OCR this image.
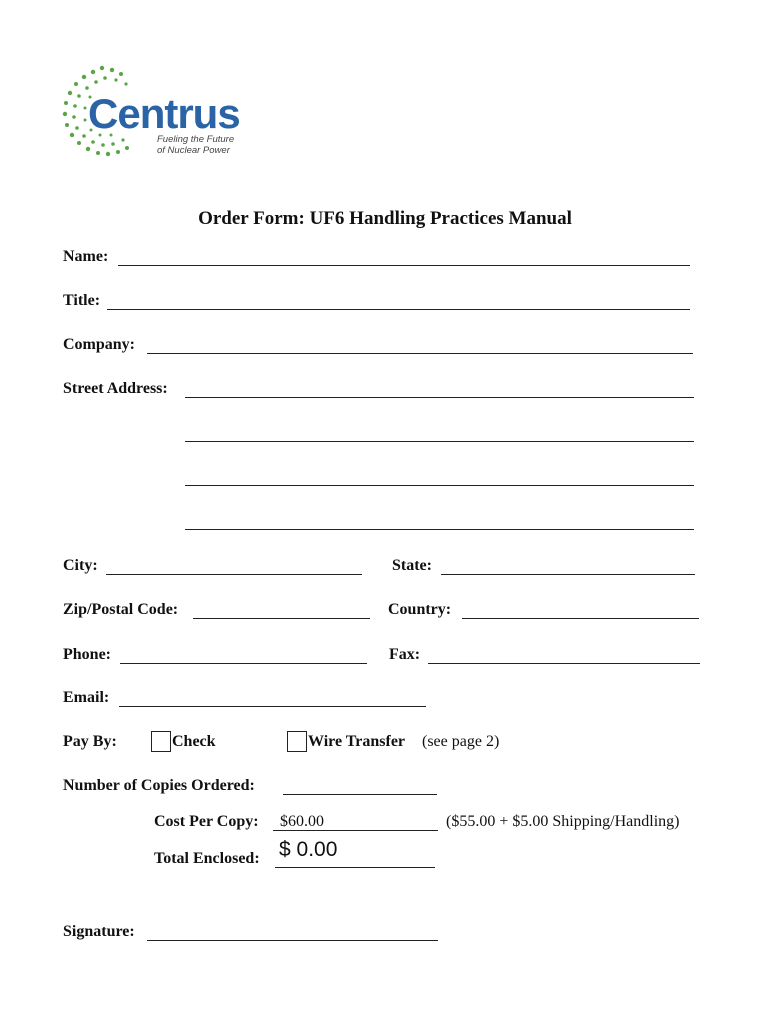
Centrus
Fueling the Future
of Nuclear Power
Order Form: UF6 Handling Practices Manual
Name:
Title:
Company:
Street Address:
City:	State:
Zip/Postal Code:	Country:
Phone:	Fax:
Email:
Pay By:	Check	Wire Transfer (see page 2)
Number of Copies Ordered:
Cost Per Copy: $60.00	($55.00 + $5.00 Shipping/Handling)
Total Enclosed: $ 0.00
Signature:
